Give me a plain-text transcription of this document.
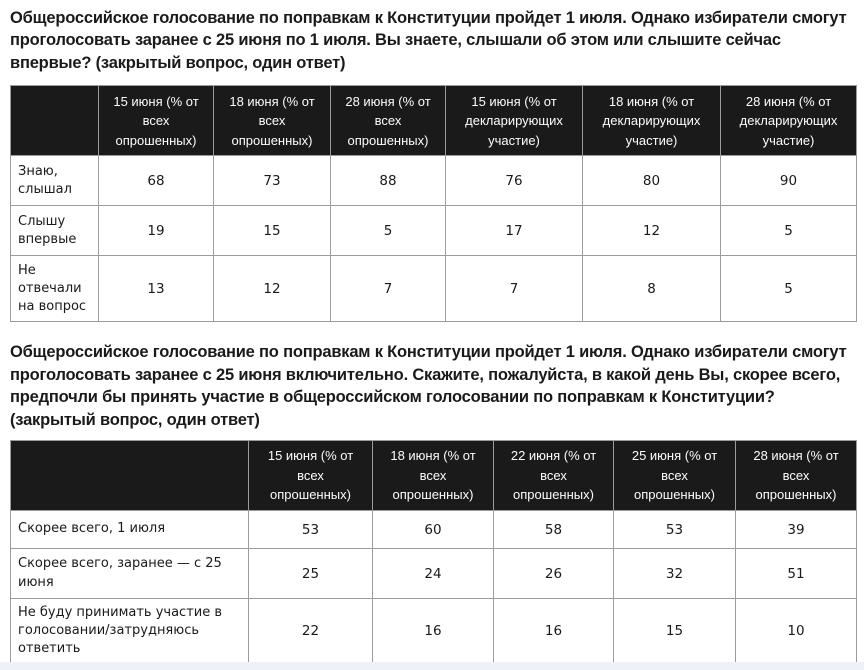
Общероссийское голосование по поправкам к Конституции пройдет 1 июля. Однако избиратели смогут проголосовать заранее с 25 июня по 1 июля. Вы знаете, слышали об этом или слышите сейчас впервые? (закрытый вопрос, один ответ)

	15 июня (% от всех опрошенных)	18 июня (% от всех опрошенных)	28 июня (% от всех опрошенных)	15 июня (% от декларирующих участие)	18 июня (% от декларирующих участие)	28 июня (% от декларирующих участие)
Знаю, слышал	68	73	88	76	80	90
Слышу впервые	19	15	5	17	12	5
Не отвечали на вопрос	13	12	7	7	8	5

Общероссийское голосование по поправкам к Конституции пройдет 1 июля. Однако избиратели смогут проголосовать заранее с 25 июня включительно. Скажите, пожалуйста, в какой день Вы, скорее всего, предпочли бы принять участие в общероссийском голосовании по поправкам к Конституции? (закрытый вопрос, один ответ)

	15 июня (% от всех опрошенных)	18 июня (% от всех опрошенных)	22 июня (% от всех опрошенных)	25 июня (% от всех опрошенных)	28 июня (% от всех опрошенных)
Скорее всего, 1 июля	53	60	58	53	39
Скорее всего, заранее — с 25 июня	25	24	26	32	51
Не буду принимать участие в голосовании/затрудняюсь ответить	22	16	16	15	10
